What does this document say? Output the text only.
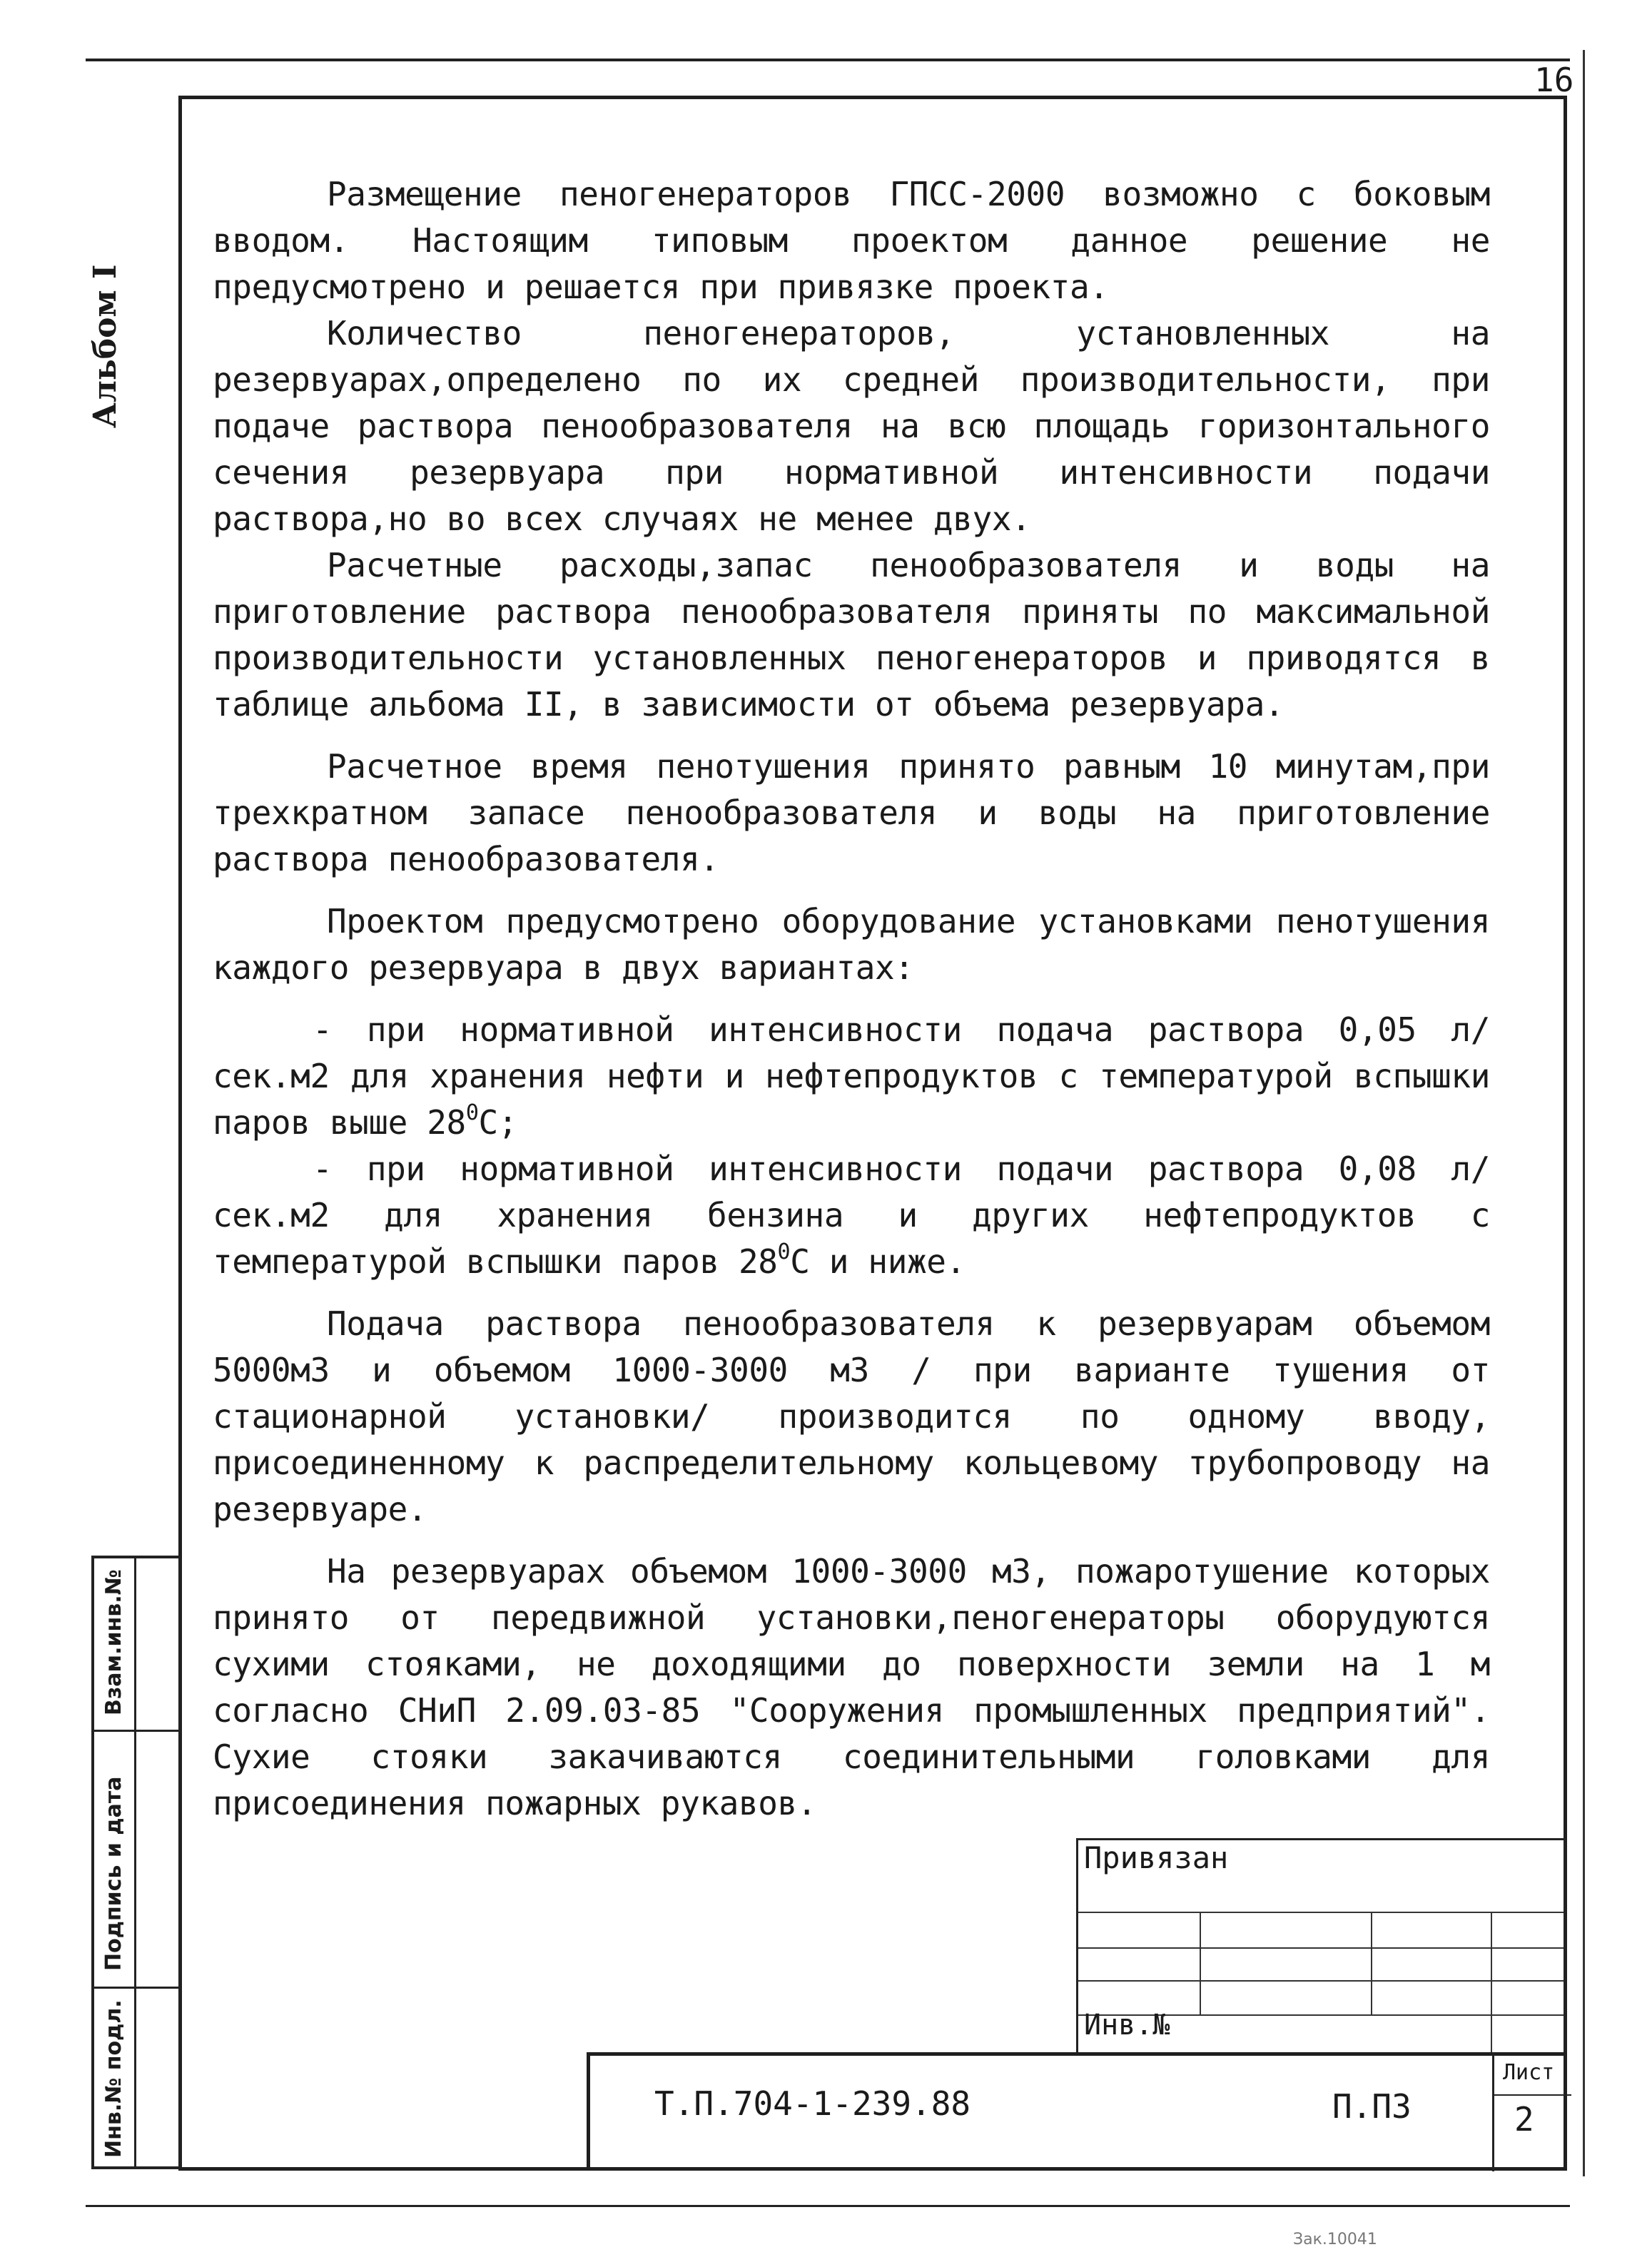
16
Альбом I

Размещение пеногенераторов ГПСС-2000 возможно с боковым вводом. Настоящим типовым проектом данное решение не предусмотрено и решается при привязке проекта.

Количество пеногенераторов, установленных на резервуарах,определено по их средней производительности, при подаче раствора пенообразователя на всю площадь горизонтального сечения резервуара при нормативной интенсивности подачи раствора,но во всех случаях не менее двух.

Расчетные расходы,запас пенообразователя и воды на приготовление раствора пенообразователя приняты по максимальной производительности установленных пеногенераторов и приводятся в таблице альбома II, в зависимости от объема резервуара.

Расчетное время пенотушения принято равным 10 минутам,при трехкратном запасе пенообразователя и воды на приготовление раствора пенообразователя.

Проектом предусмотрено оборудование установками пенотушения каждого резервуара в двух вариантах:

- при нормативной интенсивности подача раствора 0,05 л/сек.м2 для хранения нефти и нефтепродуктов с температурой вспышки паров выше $28^0С$;

- при нормативной интенсивности подачи раствора 0,08 л/сек.м2 для хранения бензина и других нефтепродуктов с температурой вспышки паров $28^0С$ и ниже.

Подача раствора пенообразователя к резервуарам объемом 5000м3 и объемом 1000-3000 м3 / при варианте тушения от стационарной установки/ производится по одному вводу, присоединенному к распределительному кольцевому трубопроводу на резервуаре.

На резервуарах объемом 1000-3000 м3, пожаротушение которых принято от передвижной установки,пеногенераторы оборудуются сухими стояками, не доходящими до поверхности земли на 1 м согласно СНиП 2.09.03-85 "Сооружения промышленных предприятий". Сухие стояки закачиваются соединительными головками для присоединения пожарных рукавов.

Взам.инв.№
Подпись и дата
Инв.№ подл.
Привязан
Инв.№
Т.П.704-1-239.88	П.ПЗ
Лист
2
Зак.10041
